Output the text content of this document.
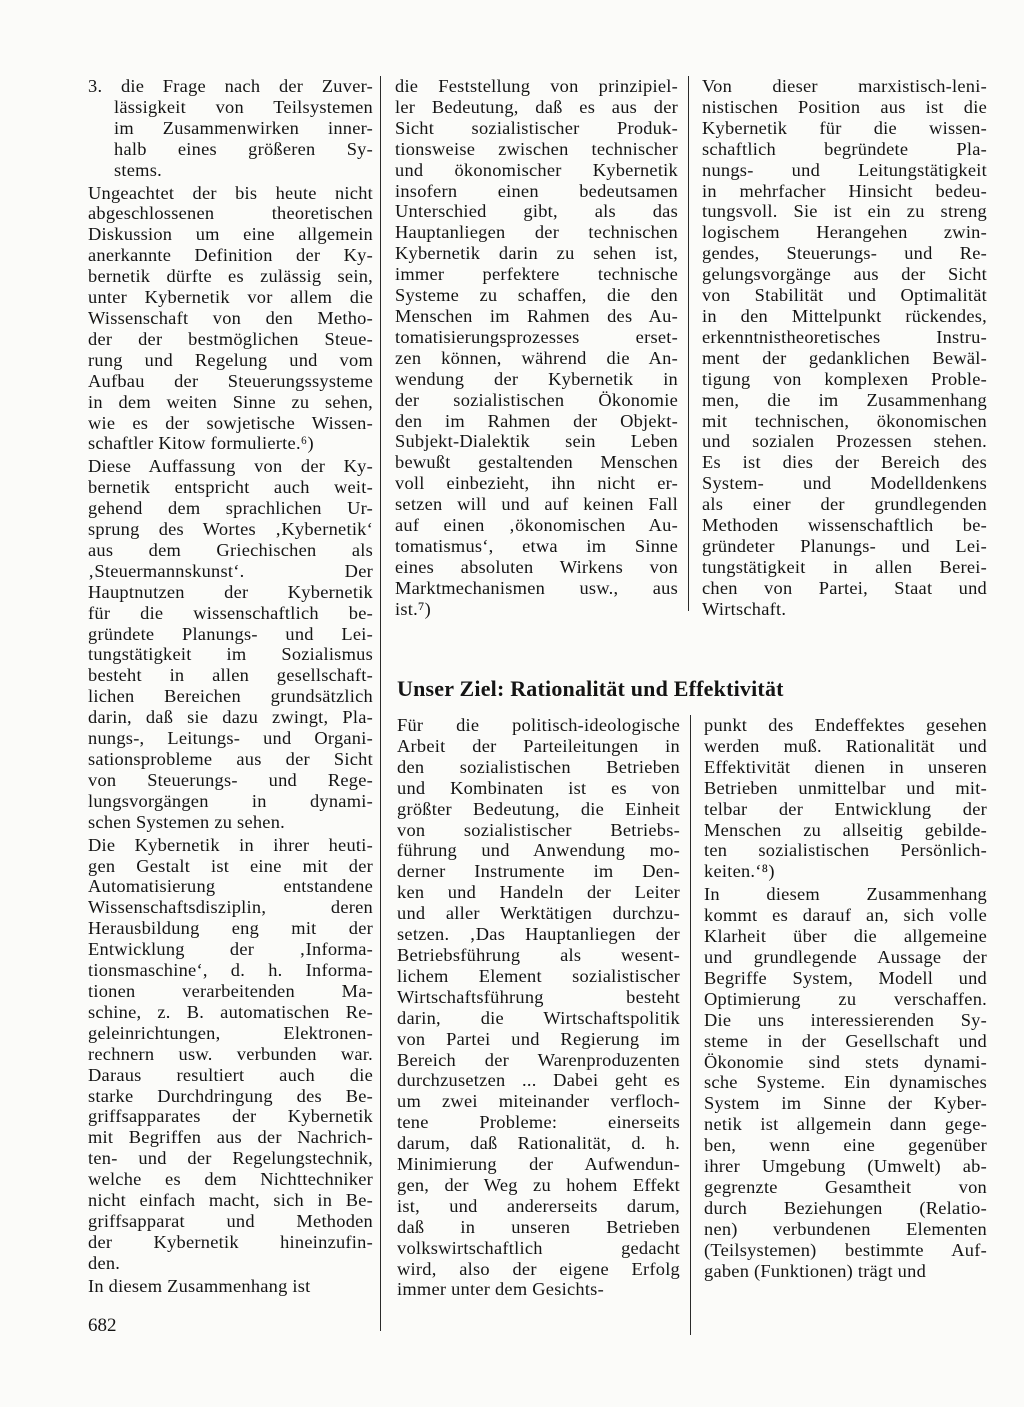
3. die Frage nach der Zuver-
lässigkeit von Teilsystemen
im Zusammenwirken inner-
halb eines größeren Sy-
stems.

Ungeachtet der bis heute nicht
abgeschlossenen theoretischen
Diskussion um eine allgemein
anerkannte Definition der Ky-
bernetik dürfte es zulässig sein,
unter Kybernetik vor allem die
Wissenschaft von den Metho-
der der bestmöglichen Steue-
rung und Regelung und vom
Aufbau der Steuerungssysteme
in dem weiten Sinne zu sehen,
wie es der sowjetische Wissen-
schaftler Kitow formulierte.⁶)

Diese Auffassung von der Ky-
bernetik entspricht auch weit-
gehend dem sprachlichen Ur-
sprung des Wortes ‚Kybernetik‘
aus dem Griechischen als
‚Steuermannskunst‘. Der
Hauptnutzen der Kybernetik
für die wissenschaftlich be-
gründete Planungs- und Lei-
tungstätigkeit im Sozialismus
besteht in allen gesellschaft-
lichen Bereichen grundsätzlich
darin, daß sie dazu zwingt, Pla-
nungs-, Leitungs- und Organi-
sationsprobleme aus der Sicht
von Steuerungs- und Rege-
lungsvorgängen in dynami-
schen Systemen zu sehen.

Die Kybernetik in ihrer heuti-
gen Gestalt ist eine mit der
Automatisierung entstandene
Wissenschaftsdisziplin, deren
Herausbildung eng mit der
Entwicklung der ‚Informa-
tionsmaschine‘, d. h. Informa-
tionen verarbeitenden Ma-
schine, z. B. automatischen Re-
geleinrichtungen, Elektronen-
rechnern usw. verbunden war.
Daraus resultiert auch die
starke Durchdringung des Be-
griffsapparates der Kybernetik
mit Begriffen aus der Nachrich-
ten- und der Regelungstechnik,
welche es dem Nichttechniker
nicht einfach macht, sich in Be-
griffsapparat und Methoden
der Kybernetik hineinzufin-
den.

In diesem Zusammenhang ist

die Feststellung von prinzipiel-
ler Bedeutung, daß es aus der
Sicht sozialistischer Produk-
tionsweise zwischen technischer
und ökonomischer Kybernetik
insofern einen bedeutsamen
Unterschied gibt, als das
Hauptanliegen der technischen
Kybernetik darin zu sehen ist,
immer perfektere technische
Systeme zu schaffen, die den
Menschen im Rahmen des Au-
tomatisierungsprozesses erset-
zen können, während die An-
wendung der Kybernetik in
der sozialistischen Ökonomie
den im Rahmen der Objekt-
Subjekt-Dialektik sein Leben
bewußt gestaltenden Menschen
voll einbezieht, ihn nicht er-
setzen will und auf keinen Fall
auf einen ‚ökonomischen Au-
tomatismus‘, etwa im Sinne
eines absoluten Wirkens von
Marktmechanismen usw., aus
ist.⁷)

Von dieser marxistisch-leni-
nistischen Position aus ist die
Kybernetik für die wissen-
schaftlich begründete Pla-
nungs- und Leitungstätigkeit
in mehrfacher Hinsicht bedeu-
tungsvoll. Sie ist ein zu streng
logischem Herangehen zwin-
gendes, Steuerungs- und Re-
gelungsvorgänge aus der Sicht
von Stabilität und Optimalität
in den Mittelpunkt rückendes,
erkenntnistheoretisches Instru-
ment der gedanklichen Bewäl-
tigung von komplexen Proble-
men, die im Zusammenhang
mit technischen, ökonomischen
und sozialen Prozessen stehen.
Es ist dies der Bereich des
System- und Modelldenkens
als einer der grundlegenden
Methoden wissenschaftlich be-
gründeter Planungs- und Lei-
tungstätigkeit in allen Berei-
chen von Partei, Staat und
Wirtschaft.

Unser Ziel: Rationalität und Effektivität

Für die politisch-ideologische
Arbeit der Parteileitungen in
den sozialistischen Betrieben
und Kombinaten ist es von
größter Bedeutung, die Einheit
von sozialistischer Betriebs-
führung und Anwendung mo-
derner Instrumente im Den-
ken und Handeln der Leiter
und aller Werktätigen durchzu-
setzen. ‚Das Hauptanliegen der
Betriebsführung als wesent-
lichem Element sozialistischer
Wirtschaftsführung besteht
darin, die Wirtschaftspolitik
von Partei und Regierung im
Bereich der Warenproduzenten
durchzusetzen ... Dabei geht es
um zwei miteinander verfloch-
tene Probleme: einerseits
darum, daß Rationalität, d. h.
Minimierung der Aufwendun-
gen, der Weg zu hohem Effekt
ist, und andererseits darum,
daß in unseren Betrieben
volkswirtschaftlich gedacht
wird, also der eigene Erfolg
immer unter dem Gesichts-

punkt des Endeffektes gesehen
werden muß. Rationalität und
Effektivität dienen in unseren
Betrieben unmittelbar und mit-
telbar der Entwicklung der
Menschen zu allseitig gebilde-
ten sozialistischen Persönlich-
keiten.‘⁸)

In diesem Zusammenhang
kommt es darauf an, sich volle
Klarheit über die allgemeine
und grundlegende Aussage der
Begriffe System, Modell und
Optimierung zu verschaffen.
Die uns interessierenden Sy-
steme in der Gesellschaft und
Ökonomie sind stets dynami-
sche Systeme. Ein dynamisches
System im Sinne der Kyber-
netik ist allgemein dann gege-
ben, wenn eine gegenüber
ihrer Umgebung (Umwelt) ab-
gegrenzte Gesamtheit von
durch Beziehungen (Relatio-
nen) verbundenen Elementen
(Teilsystemen) bestimmte Auf-
gaben (Funktionen) trägt und

682
